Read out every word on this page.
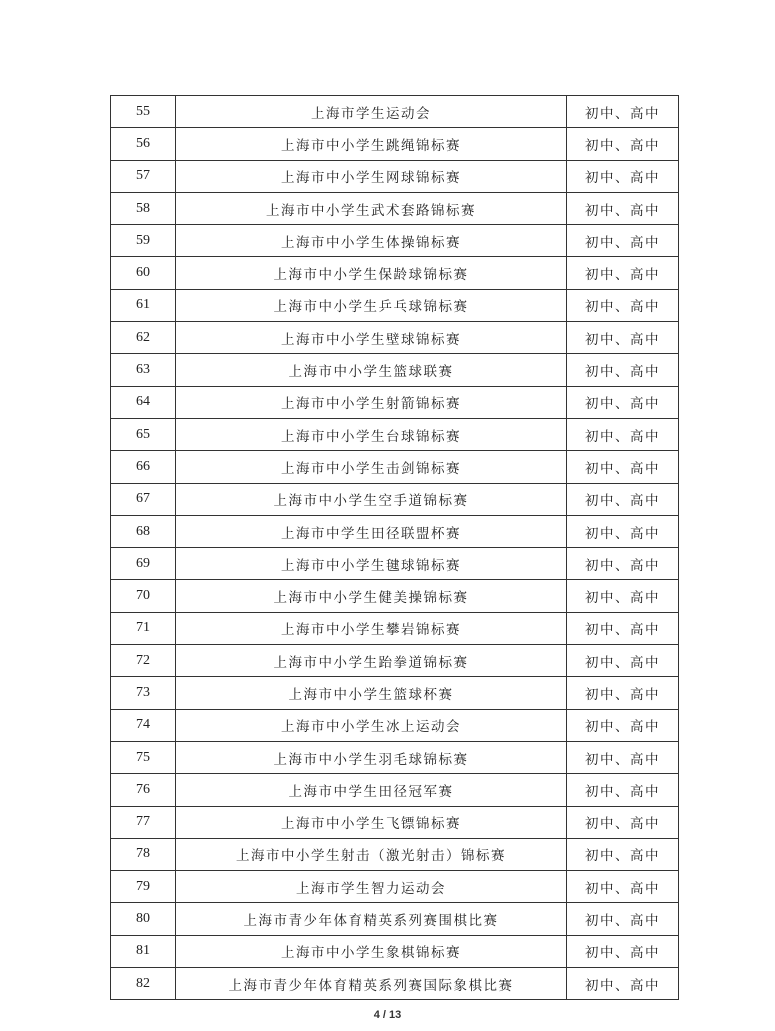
55	上海市学生运动会	初中、高中
56	上海市中小学生跳绳锦标赛	初中、高中
57	上海市中小学生网球锦标赛	初中、高中
58	上海市中小学生武术套路锦标赛	初中、高中
59	上海市中小学生体操锦标赛	初中、高中
60	上海市中小学生保龄球锦标赛	初中、高中
61	上海市中小学生乒乓球锦标赛	初中、高中
62	上海市中小学生壁球锦标赛	初中、高中
63	上海市中小学生篮球联赛	初中、高中
64	上海市中小学生射箭锦标赛	初中、高中
65	上海市中小学生台球锦标赛	初中、高中
66	上海市中小学生击剑锦标赛	初中、高中
67	上海市中小学生空手道锦标赛	初中、高中
68	上海市中学生田径联盟杯赛	初中、高中
69	上海市中小学生毽球锦标赛	初中、高中
70	上海市中小学生健美操锦标赛	初中、高中
71	上海市中小学生攀岩锦标赛	初中、高中
72	上海市中小学生跆拳道锦标赛	初中、高中
73	上海市中小学生篮球杯赛	初中、高中
74	上海市中小学生冰上运动会	初中、高中
75	上海市中小学生羽毛球锦标赛	初中、高中
76	上海市中学生田径冠军赛	初中、高中
77	上海市中小学生飞镖锦标赛	初中、高中
78	上海市中小学生射击（激光射击）锦标赛	初中、高中
79	上海市学生智力运动会	初中、高中
80	上海市青少年体育精英系列赛围棋比赛	初中、高中
81	上海市中小学生象棋锦标赛	初中、高中
82	上海市青少年体育精英系列赛国际象棋比赛	初中、高中
4 / 13
